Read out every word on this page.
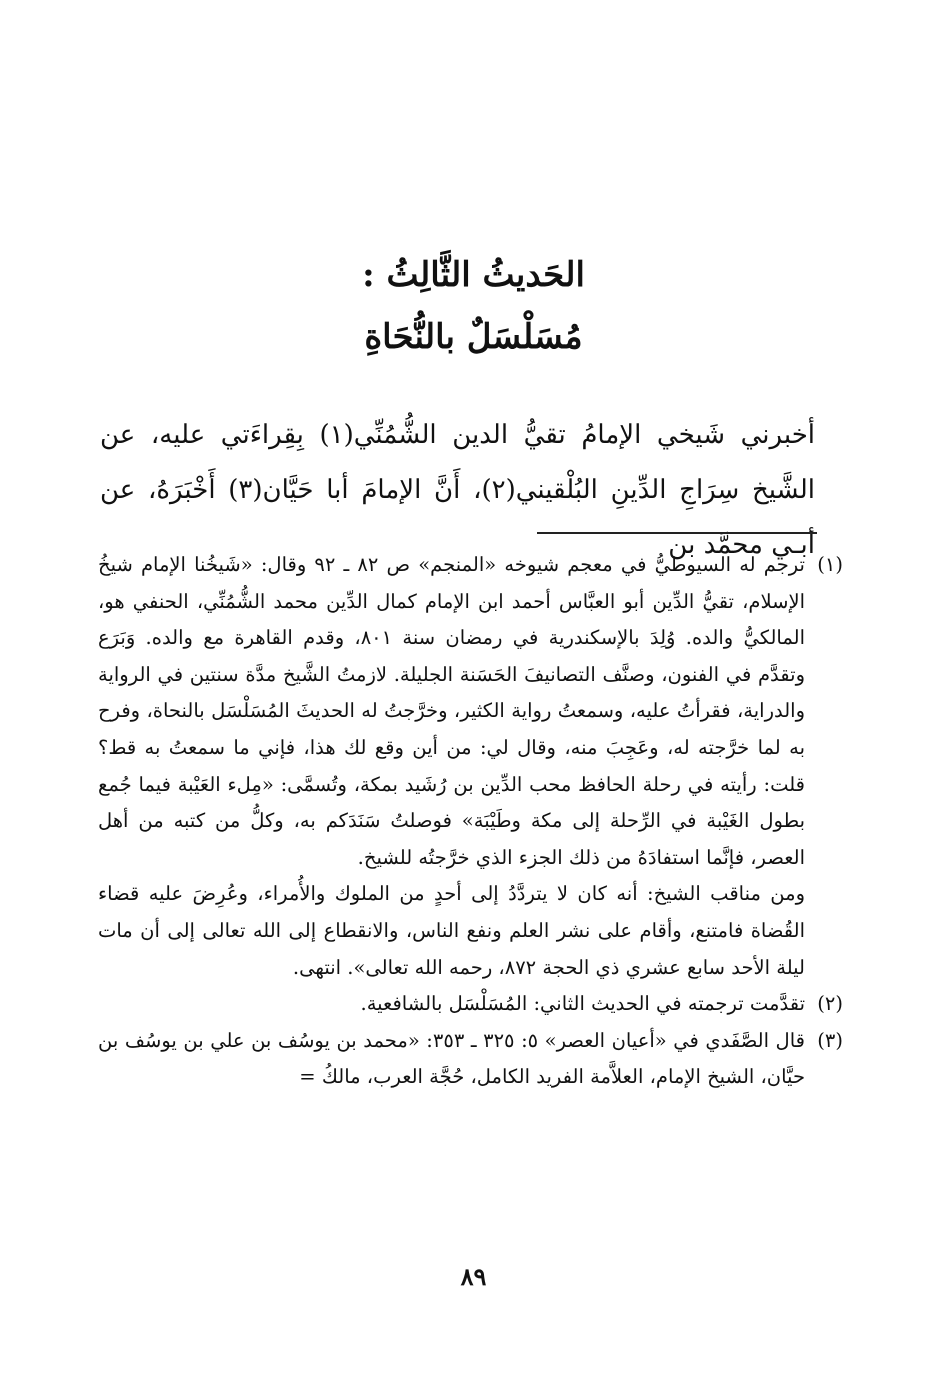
الحَديثُ الثَّالِثُ :
مُسَلْسَلٌ بالنُّحَاةِ

أخبرني شَيخي الإمامُ تقيُّ الدين الشُّمُنِّي(١) بِقِراءَتي عليه، عن الشَّيخ سِرَاجِ الدِّينِ البُلْقيني(٢)، أَنَّ الإمامَ أبا حَيَّان(٣) أَخْبَرَهُ، عن أبـي محمَّد بن

(١)

ترجم له السيوطيُّ في معجم شيوخه «المنجم» ص ٨٢ ـ ٩٢ وقال: «شَيخُنا الإمام شيخُ الإسلام، تقيُّ الدِّين أبو العبَّاس أحمد ابن الإمام كمال الدِّين محمد الشُّمُنِّي، الحنفي هو، المالكيُّ والده. وُلِدَ بالإسكندرية في رمضان سنة ٨٠١، وقدم القاهرة مع والده. وَبَرَع وتقدَّم في الفنون، وصنَّف التصانيفَ الحَسَنة الجليلة. لازمتُ الشَّيخ مدَّة سنتين في الرواية والدراية، فقرأتُ عليه، وسمعتُ رواية الكثير، وخرَّجتُ له الحديثَ المُسَلْسَل بالنحاة، وفرح به لما خرَّجته له، وعَجِبَ منه، وقال لي: من أين وقع لك هذا، فإني ما سمعتُ به قط؟ قلت: رأيته في رحلة الحافظ محب الدِّين بن رُشَيد بمكة، وتُسمَّى: «مِلء العَيْبة فيما جُمع بطول الغَيْبة في الرِّحلة إلى مكة وطَيْبَة» فوصلتُ سَنَدَكم به، وكلُّ من كتبه من أهل العصر، فإنَّما استفادَهُ من ذلك الجزء الذي خرَّجتُه للشيخ.

ومن مناقب الشيخ: أنه كان لا يتردَّدُ إلى أحدٍ من الملوك والأُمراء، وعُرِضَ عليه قضاء القُضاة فامتنع، وأقام على نشر العلم ونفع الناس، والانقطاع إلى الله تعالى إلى أن مات ليلة الأحد سابع عشري ذي الحجة ٨٧٢، رحمه الله تعالى». انتهى.

(٢)

تقدَّمت ترجمته في الحديث الثاني: المُسَلْسَل بالشافعية.

(٣)

قال الصَّفَدي في «أعيان العصر» ٥: ٣٢٥ ـ ٣٥٣: «محمد بن يوسُف بن علي بن يوسُف بن حيَّان، الشيخ الإمام، العلاَّمة الفريد الكامل، حُجَّة العرب، مالكُ =

٨٩
